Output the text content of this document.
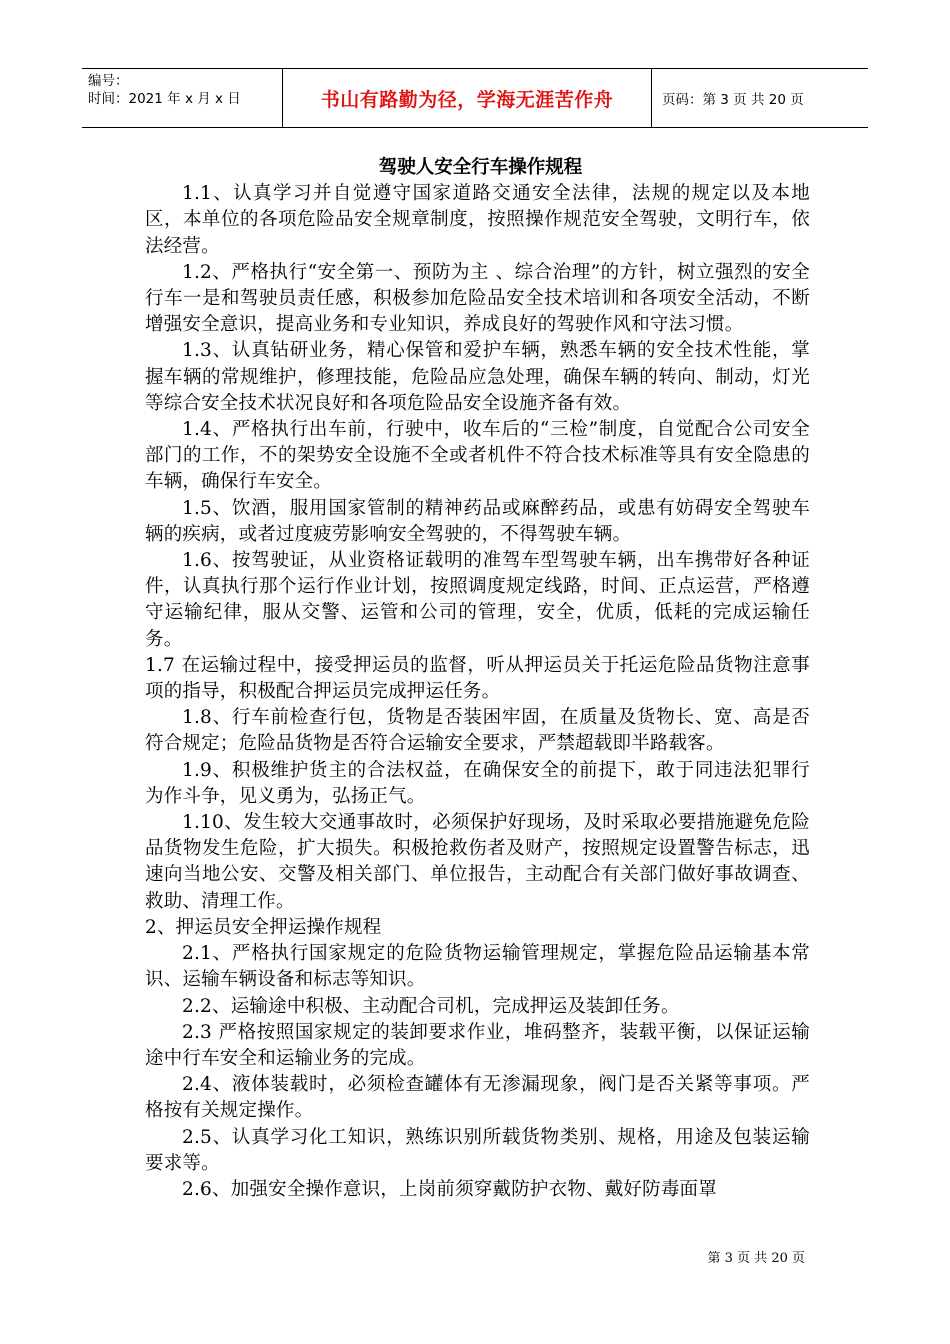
编号：
时间：2021 年 x 月 x 日	书山有路勤为径，学海无涯苦作舟	页码：第 3 页 共 20 页

驾驶人安全行车操作规程

1.1、认真学习并自觉遵守国家道路交通安全法律，法规的规定以及本地区，本单位的各项危险品安全规章制度，按照操作规范安全驾驶，文明行车，依法经营。

1.2、严格执行“安全第一、预防为主 、综合治理”的方针，树立强烈的安全行车一是和驾驶员责任感，积极参加危险品安全技术培训和各项安全活动，不断增强安全意识，提高业务和专业知识，养成良好的驾驶作风和守法习惯。

1.3、认真钻研业务，精心保管和爱护车辆，熟悉车辆的安全技术性能，掌握车辆的常规维护，修理技能，危险品应急处理，确保车辆的转向、制动，灯光等综合安全技术状况良好和各项危险品安全设施齐备有效。

1.4、严格执行出车前，行驶中，收车后的“三检”制度，自觉配合公司安全部门的工作，不的架势安全设施不全或者机件不符合技术标准等具有安全隐患的车辆，确保行车安全。

1.5、饮酒，服用国家管制的精神药品或麻醉药品，或患有妨碍安全驾驶车辆的疾病，或者过度疲劳影响安全驾驶的，不得驾驶车辆。

1.6、按驾驶证，从业资格证载明的准驾车型驾驶车辆，出车携带好各种证件，认真执行那个运行作业计划，按照调度规定线路，时间、正点运营，严格遵守运输纪律，服从交警、运管和公司的管理，安全，优质，低耗的完成运输任务。

1.7 在运输过程中，接受押运员的监督，听从押运员关于托运危险品货物注意事项的指导，积极配合押运员完成押运任务。

1.8、行车前检查行包，货物是否装困牢固，在质量及货物长、宽、高是否符合规定；危险品货物是否符合运输安全要求，严禁超载即半路载客。

1.9、积极维护货主的合法权益，在确保安全的前提下，敢于同违法犯罪行为作斗争，见义勇为，弘扬正气。

1.10、发生较大交通事故时，必须保护好现场，及时采取必要措施避免危险品货物发生危险，扩大损失。积极抢救伤者及财产，按照规定设置警告标志，迅速向当地公安、交警及相关部门、单位报告，主动配合有关部门做好事故调查、救助、清理工作。

2、押运员安全押运操作规程

2.1、严格执行国家规定的危险货物运输管理规定，掌握危险品运输基本常识、运输车辆设备和标志等知识。

2.2、运输途中积极、主动配合司机，完成押运及装卸任务。

2.3 严格按照国家规定的装卸要求作业，堆码整齐，装载平衡，以保证运输途中行车安全和运输业务的完成。

2.4、液体装载时，必须检查罐体有无渗漏现象，阀门是否关紧等事项。严格按有关规定操作。

2.5、认真学习化工知识，熟练识别所载货物类别、规格，用途及包装运输要求等。

2.6、加强安全操作意识，上岗前须穿戴防护衣物、戴好防毒面罩

第 3 页 共 20 页
